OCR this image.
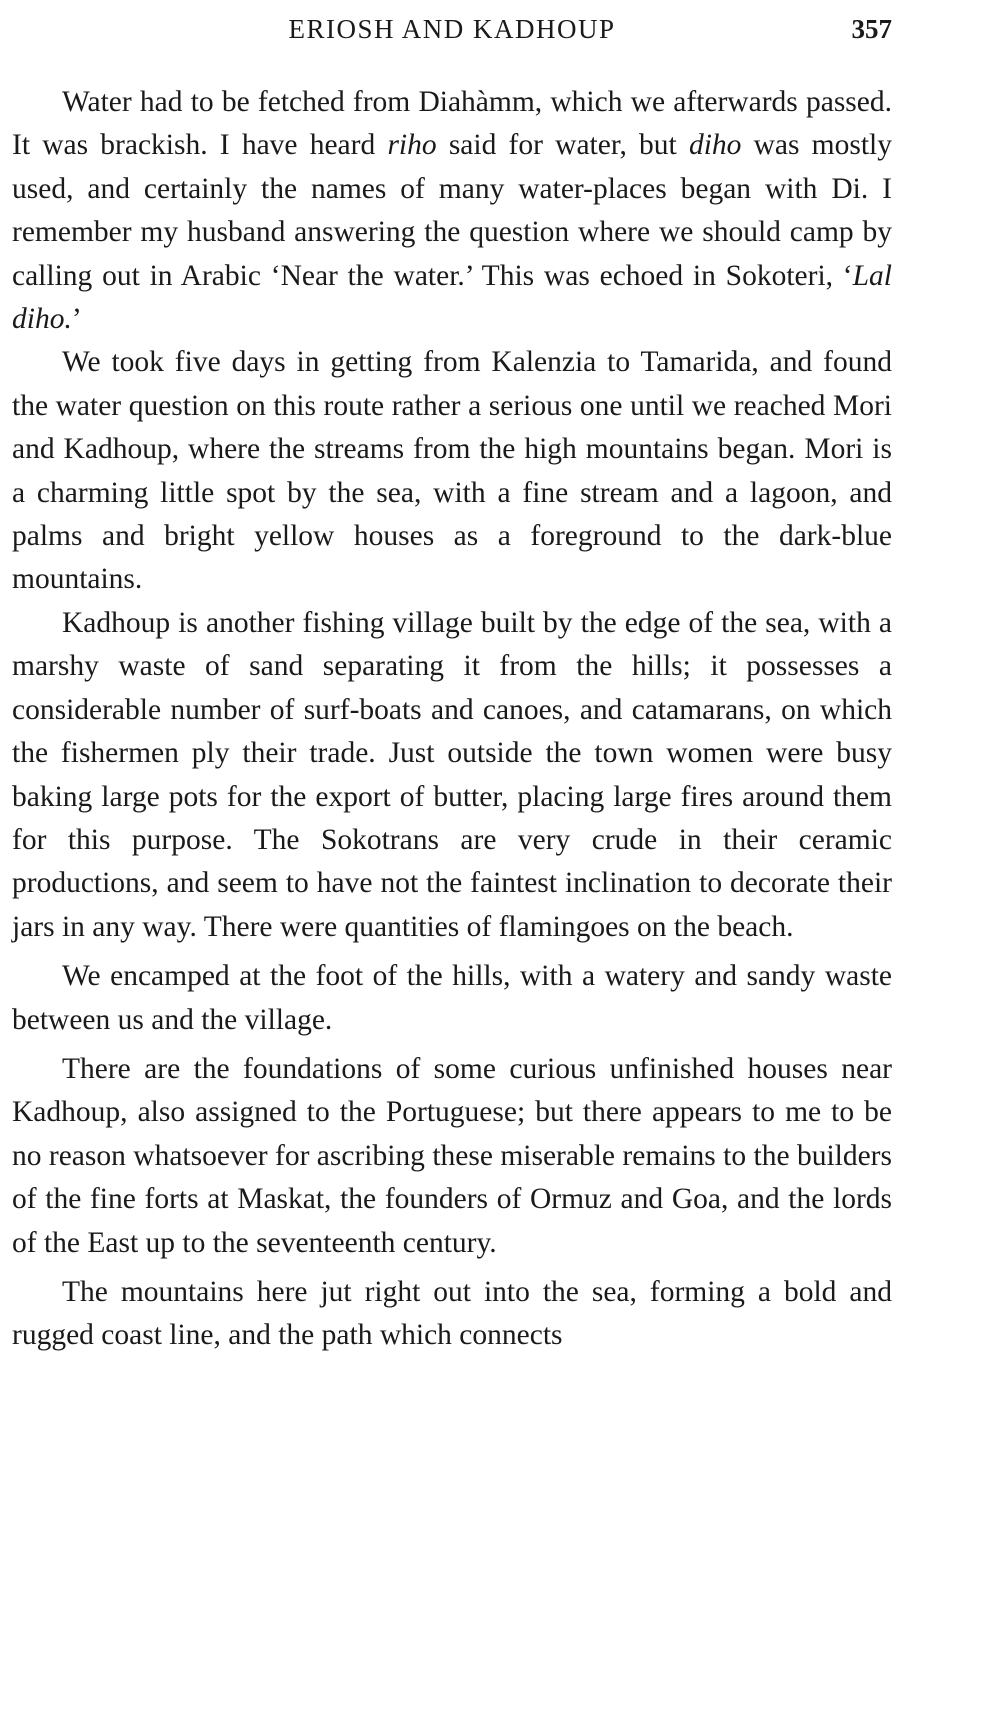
ERIOSH AND KADHOUP	357

Water had to be fetched from Diahàmm, which we afterwards passed. It was brackish. I have heard riho said for water, but diho was mostly used, and certainly the names of many water-places began with Di. I remember my husband answering the question where we should camp by calling out in Arabic ‘Near the water.’ This was echoed in Sokoteri, ‘Lal diho.’

We took five days in getting from Kalenzia to Tamarida, and found the water question on this route rather a serious one until we reached Mori and Kadhoup, where the streams from the high mountains began. Mori is a charming little spot by the sea, with a fine stream and a lagoon, and palms and bright yellow houses as a foreground to the dark-blue mountains.

Kadhoup is another fishing village built by the edge of the sea, with a marshy waste of sand separating it from the hills; it possesses a considerable number of surf-boats and canoes, and catamarans, on which the fishermen ply their trade. Just outside the town women were busy baking large pots for the export of butter, placing large fires around them for this purpose. The Sokotrans are very crude in their ceramic productions, and seem to have not the faintest inclination to decorate their jars in any way. There were quantities of flamingoes on the beach.

We encamped at the foot of the hills, with a watery and sandy waste between us and the village.

There are the foundations of some curious unfinished houses near Kadhoup, also assigned to the Portuguese; but there appears to me to be no reason whatsoever for ascribing these miserable remains to the builders of the fine forts at Maskat, the founders of Ormuz and Goa, and the lords of the East up to the seventeenth century.

The mountains here jut right out into the sea, forming a bold and rugged coast line, and the path which connects
